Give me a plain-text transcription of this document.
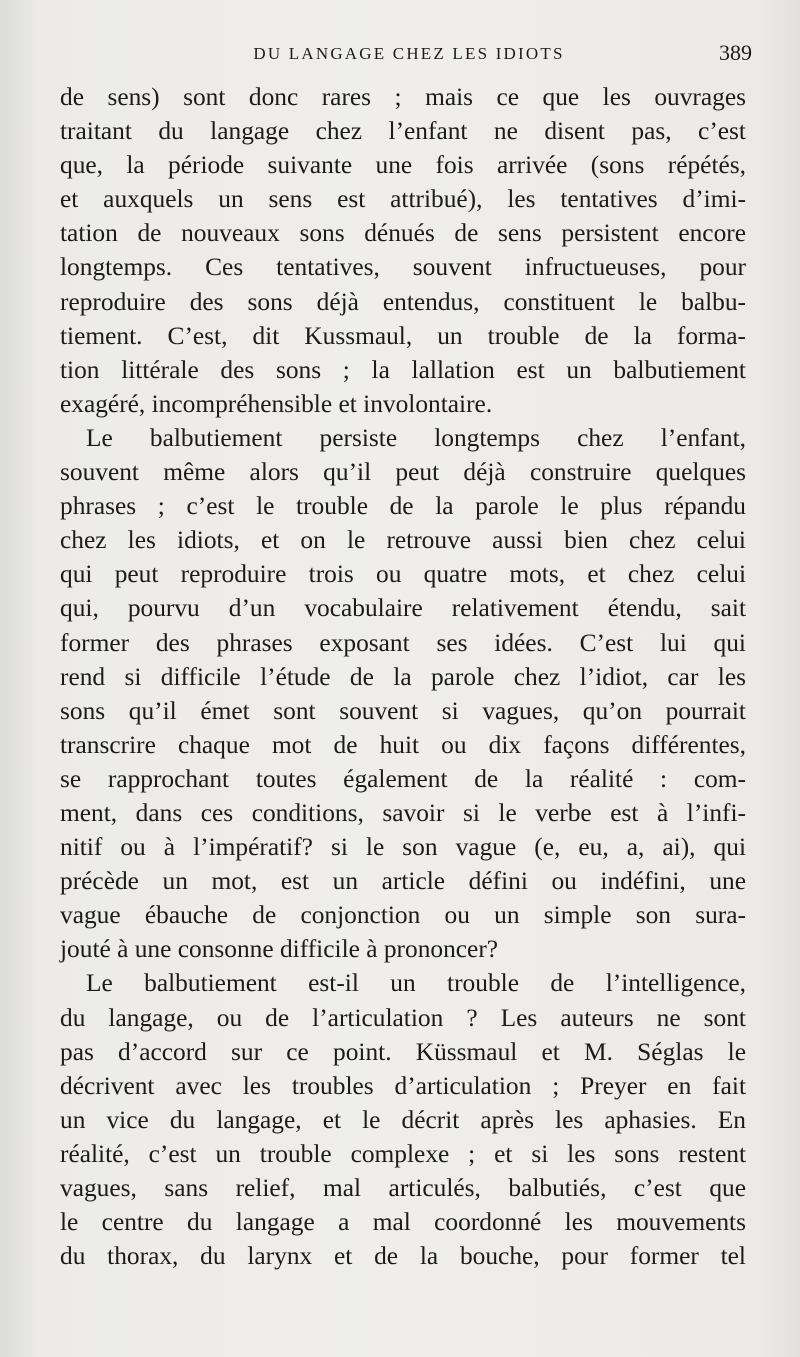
DU LANGAGE CHEZ LES IDIOTS	389
de sens) sont donc rares ; mais ce que les ouvrages
traitant du langage chez l’enfant ne disent pas, c’est
que, la période suivante une fois arrivée (sons répétés,
et auxquels un sens est attribué), les tentatives d’imi-
tation de nouveaux sons dénués de sens persistent encore
longtemps. Ces tentatives, souvent infructueuses, pour
reproduire des sons déjà entendus, constituent le balbu-
tiement. C’est, dit Kussmaul, un trouble de la forma-
tion littérale des sons ; la lallation est un balbutiement
exagéré, incompréhensible et involontaire.
Le balbutiement persiste longtemps chez l’enfant,
souvent même alors qu’il peut déjà construire quelques
phrases ; c’est le trouble de la parole le plus répandu
chez les idiots, et on le retrouve aussi bien chez celui
qui peut reproduire trois ou quatre mots, et chez celui
qui, pourvu d’un vocabulaire relativement étendu, sait
former des phrases exposant ses idées. C’est lui qui
rend si difficile l’étude de la parole chez l’idiot, car les
sons qu’il émet sont souvent si vagues, qu’on pourrait
transcrire chaque mot de huit ou dix façons différentes,
se rapprochant toutes également de la réalité : com-
ment, dans ces conditions, savoir si le verbe est à l’infi-
nitif ou à l’impératif? si le son vague (e, eu, a, ai), qui
précède un mot, est un article défini ou indéfini, une
vague ébauche de conjonction ou un simple son sura-
jouté à une consonne difficile à prononcer?
Le balbutiement est-il un trouble de l’intelligence,
du langage, ou de l’articulation ? Les auteurs ne sont
pas d’accord sur ce point. Küssmaul et M. Séglas le
décrivent avec les troubles d’articulation ; Preyer en fait
un vice du langage, et le décrit après les aphasies. En
réalité, c’est un trouble complexe ; et si les sons restent
vagues, sans relief, mal articulés, balbutiés, c’est que
le centre du langage a mal coordonné les mouvements
du thorax, du larynx et de la bouche, pour former tel
